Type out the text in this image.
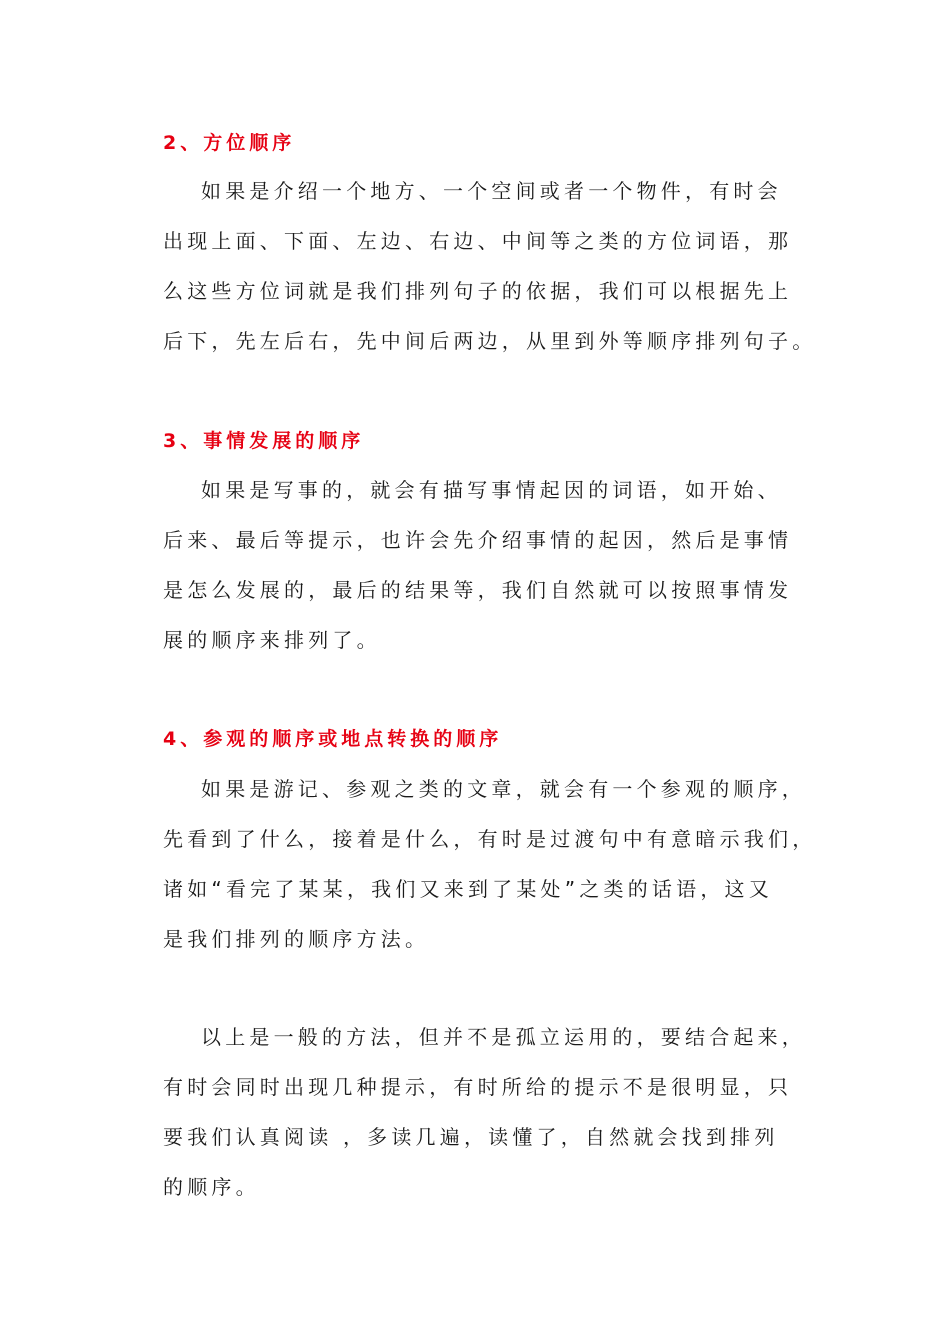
2、方位顺序
如果是介绍一个地方、一个空间或者一个物件，有时会
出现上面、下面、左边、右边、中间等之类的方位词语，那
么这些方位词就是我们排列句子的依据，我们可以根据先上
后下，先左后右，先中间后两边，从里到外等顺序排列句子。
3、事情发展的顺序
如果是写事的，就会有描写事情起因的词语，如开始、
后来、最后等提示，也许会先介绍事情的起因，然后是事情
是怎么发展的，最后的结果等，我们自然就可以按照事情发
展的顺序来排列了。
4、参观的顺序或地点转换的顺序
如果是游记、参观之类的文章，就会有一个参观的顺序，
先看到了什么，接着是什么，有时是过渡句中有意暗示我们，
诸如“看完了某某，我们又来到了某处”之类的话语，这又
是我们排列的顺序方法。
以上是一般的方法，但并不是孤立运用的，要结合起来，
有时会同时出现几种提示，有时所给的提示不是很明显，只
要我们认真阅读 ，多读几遍，读懂了，自然就会找到排列
的顺序。
